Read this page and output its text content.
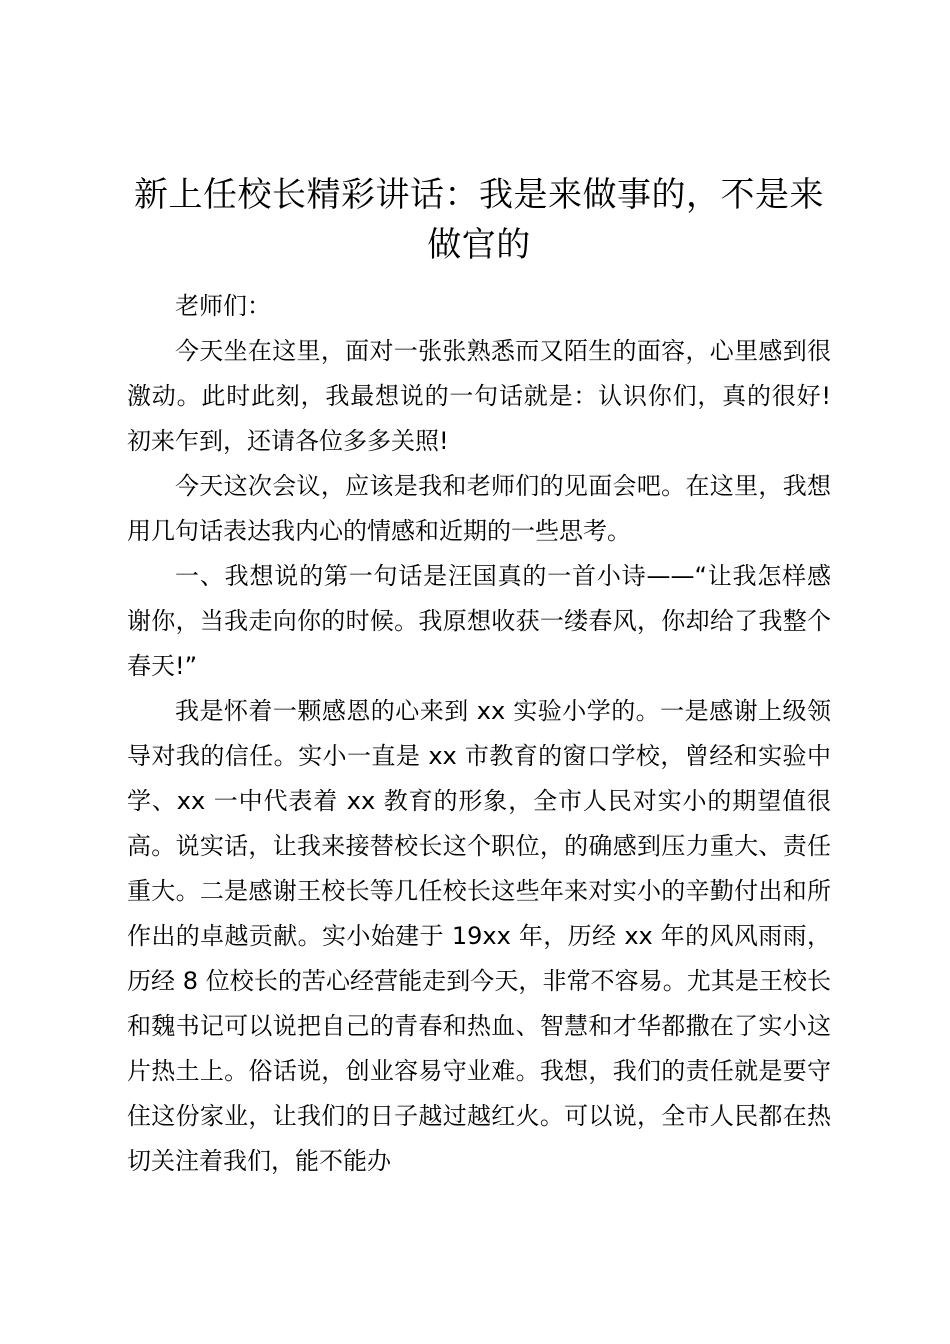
新上任校长精彩讲话：我是来做事的，不是来做官的

老师们：

今天坐在这里，面对一张张熟悉而又陌生的面容，心里感到很激动。此时此刻，我最想说的一句话就是：认识你们，真的很好!初来乍到，还请各位多多关照!

今天这次会议，应该是我和老师们的见面会吧。在这里，我想用几句话表达我内心的情感和近期的一些思考。

一、我想说的第一句话是汪国真的一首小诗——“让我怎样感谢你，当我走向你的时候。我原想收获一缕春风，你却给了我整个春天!”

我是怀着一颗感恩的心来到 xx 实验小学的。一是感谢上级领导对我的信任。实小一直是 xx 市教育的窗口学校，曾经和实验中学、xx 一中代表着 xx 教育的形象，全市人民对实小的期望值很高。说实话，让我来接替校长这个职位，的确感到压力重大、责任重大。二是感谢王校长等几任校长这些年来对实小的辛勤付出和所作出的卓越贡献。实小始建于 19xx 年，历经 xx 年的风风雨雨，历经 8 位校长的苦心经营能走到今天，非常不容易。尤其是王校长和魏书记可以说把自己的青春和热血、智慧和才华都撒在了实小这片热土上。俗话说，创业容易守业难。我想，我们的责任就是要守住这份家业，让我们的日子越过越红火。可以说，全市人民都在热切关注着我们，能不能办
